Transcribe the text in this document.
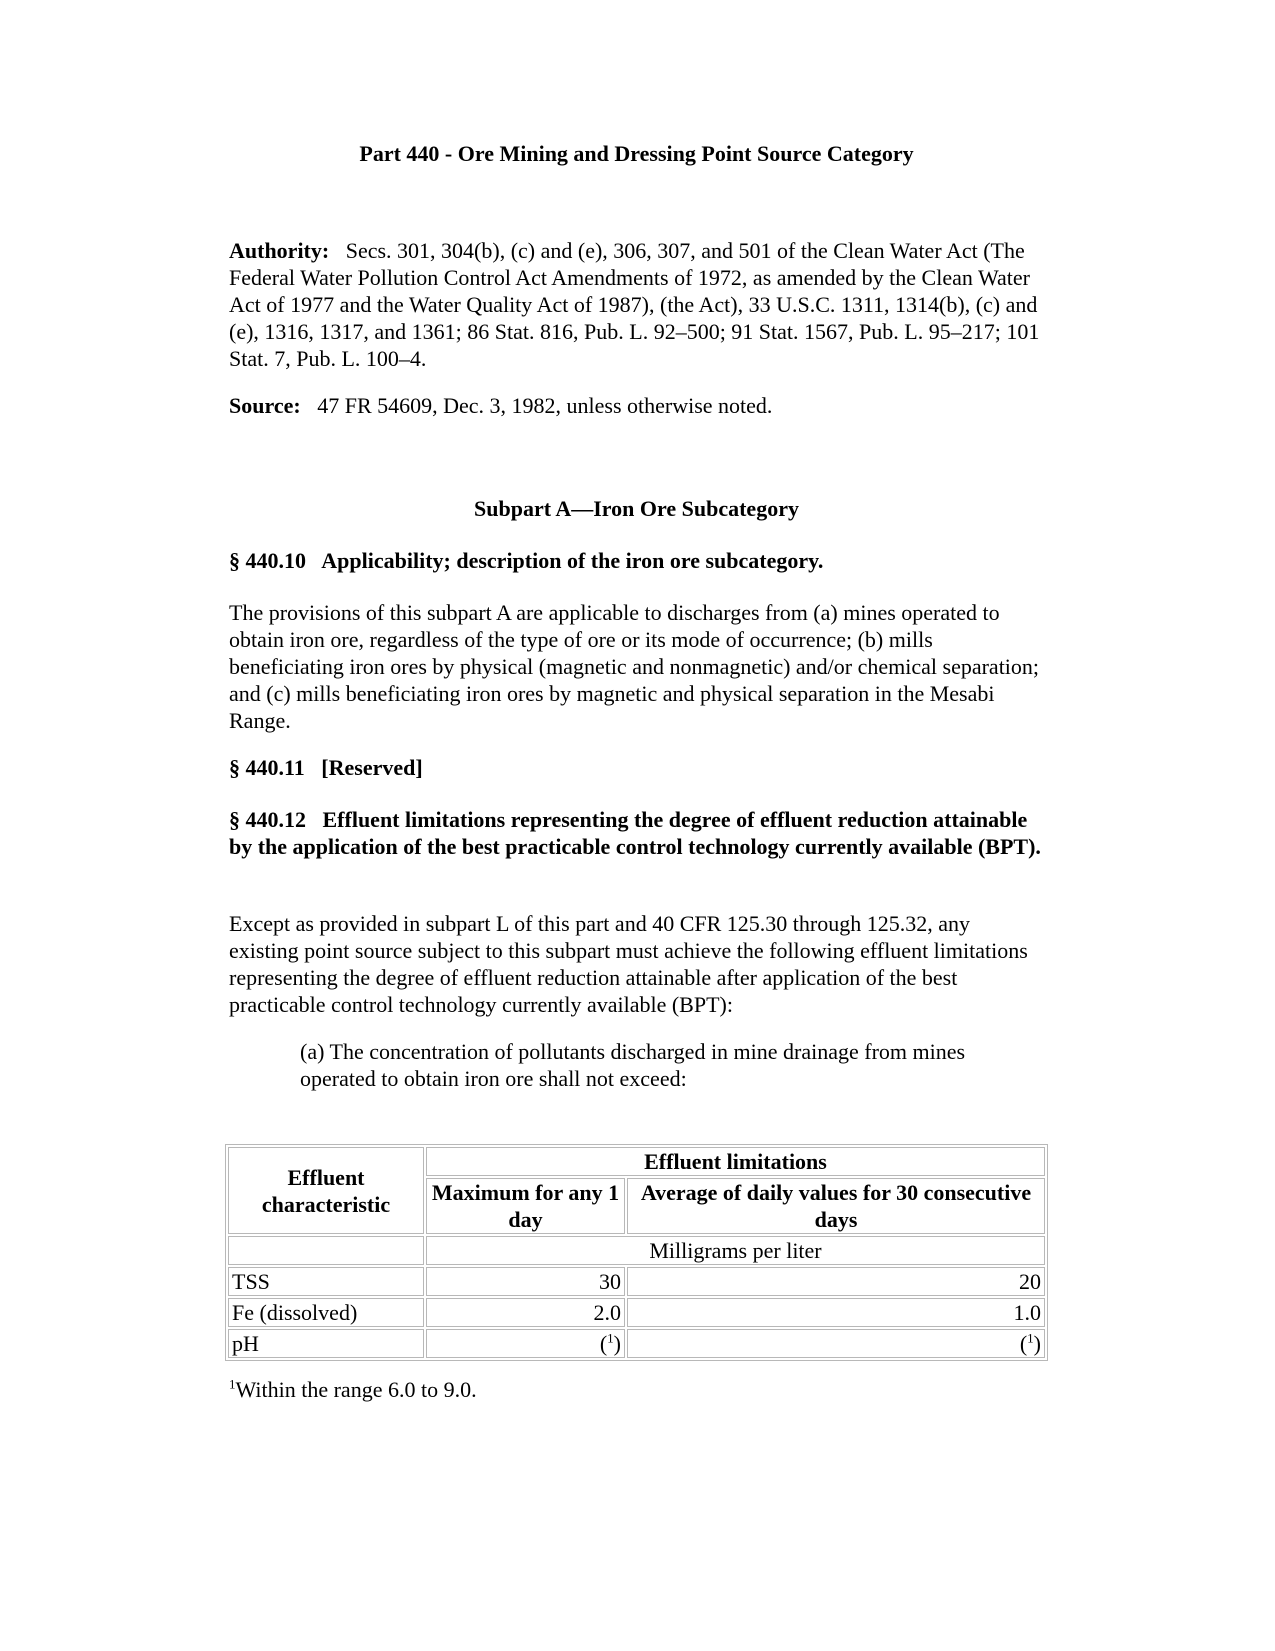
Part 440 - Ore Mining and Dressing Point Source Category

Authority: Secs. 301, 304(b), (c) and (e), 306, 307, and 501 of the Clean Water Act (The Federal Water Pollution Control Act Amendments of 1972, as amended by the Clean Water Act of 1977 and the Water Quality Act of 1987), (the Act), 33 U.S.C. 1311, 1314(b), (c) and (e), 1316, 1317, and 1361; 86 Stat. 816, Pub. L. 92–500; 91 Stat. 1567, Pub. L. 95–217; 101 Stat. 7, Pub. L. 100–4.

Source: 47 FR 54609, Dec. 3, 1982, unless otherwise noted.

Subpart A—Iron Ore Subcategory

§ 440.10   Applicability; description of the iron ore subcategory.

The provisions of this subpart A are applicable to discharges from (a) mines operated to obtain iron ore, regardless of the type of ore or its mode of occurrence; (b) mills beneficiating iron ores by physical (magnetic and nonmagnetic) and/or chemical separation; and (c) mills beneficiating iron ores by magnetic and physical separation in the Mesabi Range.

§ 440.11   [Reserved]

§ 440.12   Effluent limitations representing the degree of effluent reduction attainable by the application of the best practicable control technology currently available (BPT).

Except as provided in subpart L of this part and 40 CFR 125.30 through 125.32, any existing point source subject to this subpart must achieve the following effluent limitations representing the degree of effluent reduction attainable after application of the best practicable control technology currently available (BPT):

(a) The concentration of pollutants discharged in mine drainage from mines operated to obtain iron ore shall not exceed:

Effluent characteristic	Effluent limitations	
	Maximum for any 1 day	Average of daily values for 30 consecutive days
	Milligrams per liter	
TSS	30	20
Fe (dissolved)	2.0	1.0
pH	($^1$)	($^1$)
$^1$Within the range 6.0 to 9.0.
